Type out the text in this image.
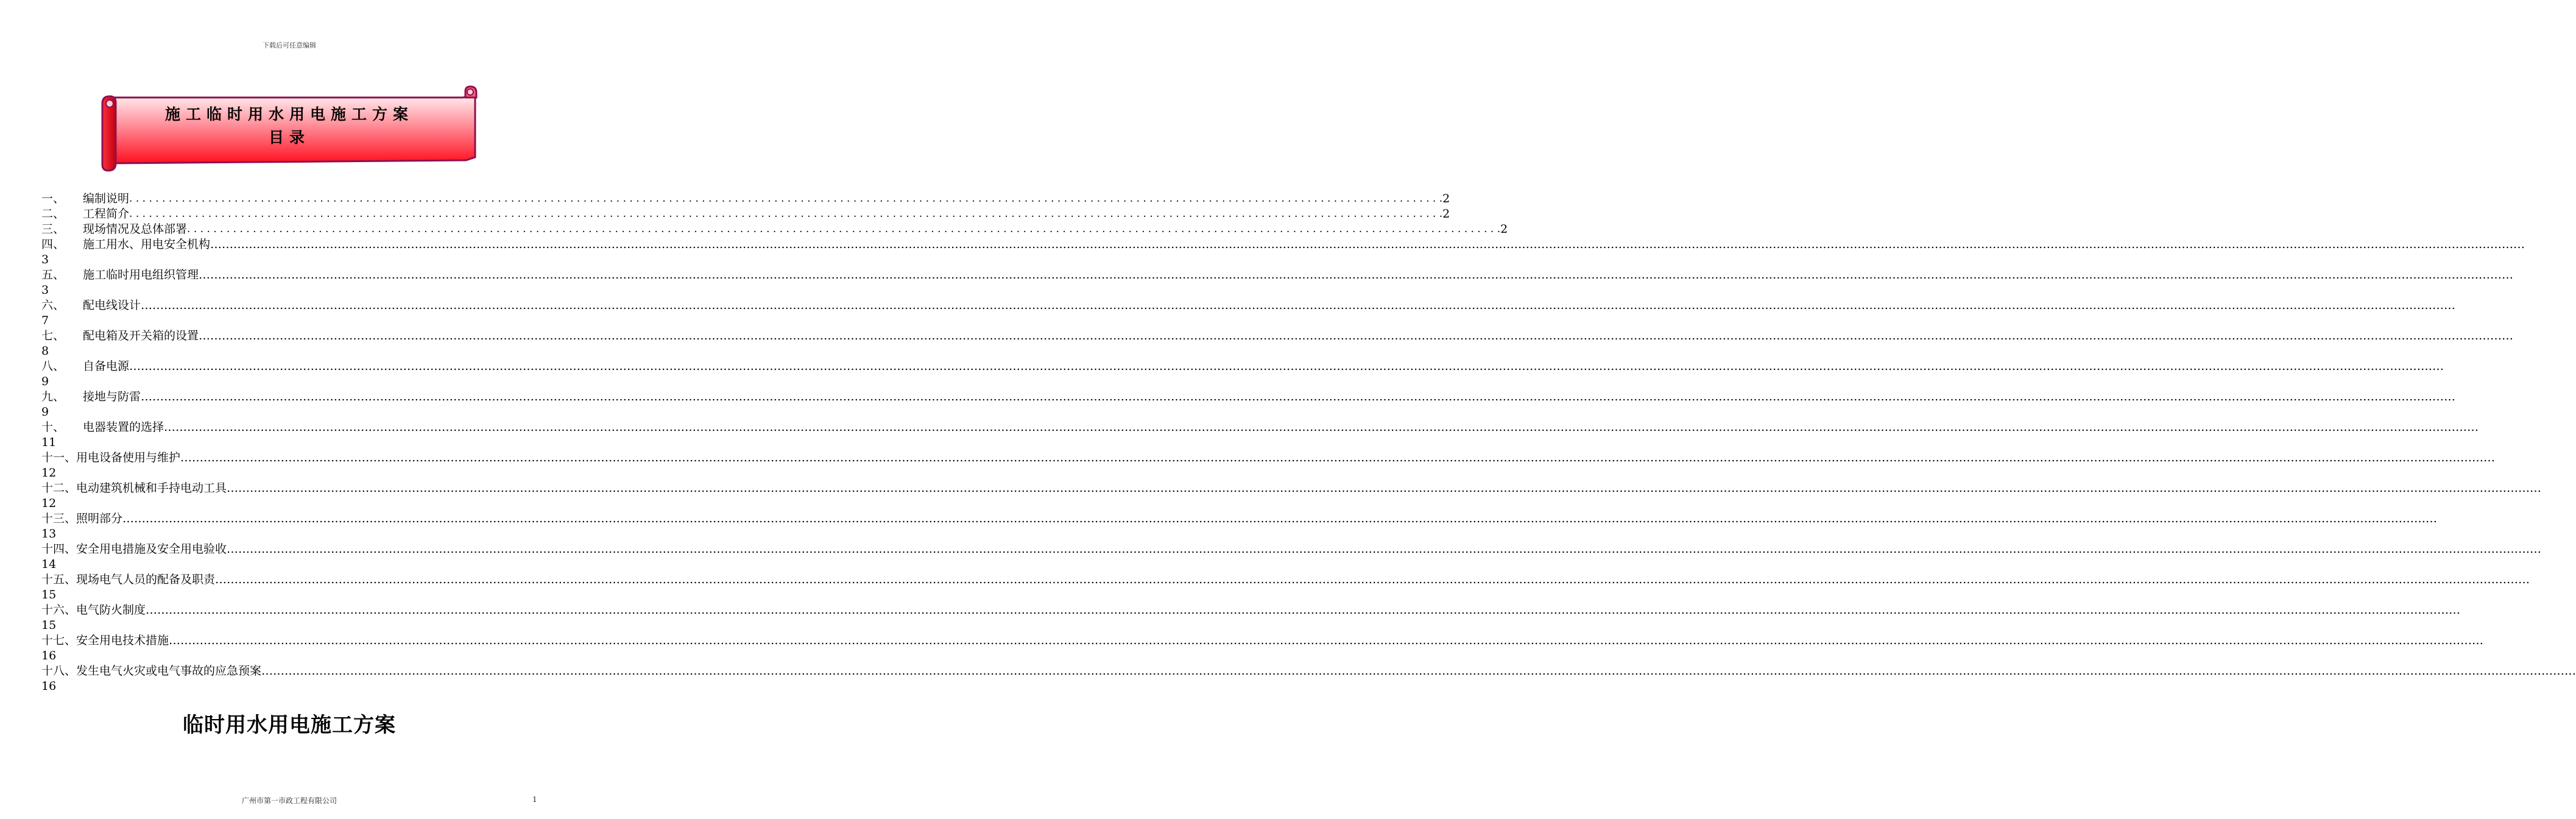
下载后可任意编辑
施工临时用水用电施工方案
目录
一、	编制说明 . . . . . . . . . . . . . . . . . . . . . . . . . . . . . . . . . . . . . . . . . . . . . . . . . . . . . . . . . . . . . . . . . . . . . . . . . . . . . . . . . . . . . . . . . . . . . . . . . . . . . . . . . . . . . . . . . . . . . . . . . . . . . . . . . . . . . . . . . . . . . . . . . . . . . . . . . . . . . . . . . . . . . . . . . . . . . . . . . . . . . . . . . . . . . . . . . . . . . . . . 2
二、	工程简介 . . . . . . . . . . . . . . . . . . . . . . . . . . . . . . . . . . . . . . . . . . . . . . . . . . . . . . . . . . . . . . . . . . . . . . . . . . . . . . . . . . . . . . . . . . . . . . . . . . . . . . . . . . . . . . . . . . . . . . . . . . . . . . . . . . . . . . . . . . . . . . . . . . . . . . . . . . . . . . . . . . . . . . . . . . . . . . . . . . . . . . . . . . . . . . . . . . . . . . . . 2
三、	现场情况及总体部署 . . . . . . . . . . . . . . . . . . . . . . . . . . . . . . . . . . . . . . . . . . . . . . . . . . . . . . . . . . . . . . . . . . . . . . . . . . . . . . . . . . . . . . . . . . . . . . . . . . . . . . . . . . . . . . . . . . . . . . . . . . . . . . . . . . . . . . . . . . . . . . . . . . . . . . . . . . . . . . . . . . . . . . . . . . . . . . . . . . . . . . . . . . . . . . . . . . . . . . . . 2
四、	施工用水、用电安全机构 ……………………………………………………………………………………………………………………………………………………………………………………………………………………………………………………………………………………………………………………………………………………………………………………………………………………………………………………………………………………………………………………………………………………
3
五、	施工临时用电组织管理 ……………………………………………………………………………………………………………………………………………………………………………………………………………………………………………………………………………………………………………………………………………………………………………………………………………………………………………………………………………………………………………………………………………………
3
六、	配电线设计 ……………………………………………………………………………………………………………………………………………………………………………………………………………………………………………………………………………………………………………………………………………………………………………………………………………………………………………………………………………………………………………………………………………………
7
七、	配电箱及开关箱的设置 ……………………………………………………………………………………………………………………………………………………………………………………………………………………………………………………………………………………………………………………………………………………………………………………………………………………………………………………………………………………………………………………………………………………
8
八、	自备电源 ……………………………………………………………………………………………………………………………………………………………………………………………………………………………………………………………………………………………………………………………………………………………………………………………………………………………………………………………………………………………………………………………………………………
9
九、	接地与防雷 ……………………………………………………………………………………………………………………………………………………………………………………………………………………………………………………………………………………………………………………………………………………………………………………………………………………………………………………………………………………………………………………………………………………
9
十、	电器装置的选择 ……………………………………………………………………………………………………………………………………………………………………………………………………………………………………………………………………………………………………………………………………………………………………………………………………………………………………………………………………………………………………………………………………………………
11
十一、 用电设备使用与维护 ……………………………………………………………………………………………………………………………………………………………………………………………………………………………………………………………………………………………………………………………………………………………………………………………………………………………………………………………………………………………………………………………………………………
12
十二、 电动建筑机械和手持电动工具 ……………………………………………………………………………………………………………………………………………………………………………………………………………………………………………………………………………………………………………………………………………………………………………………………………………………………………………………………………………………………………………………………………………………
12
十三、 照明部分 ……………………………………………………………………………………………………………………………………………………………………………………………………………………………………………………………………………………………………………………………………………………………………………………………………………………………………………………………………………………………………………………………………………………
13
十四、 安全用电措施及安全用电验收 ……………………………………………………………………………………………………………………………………………………………………………………………………………………………………………………………………………………………………………………………………………………………………………………………………………………………………………………………………………………………………………………………………………………
14
十五、 现场电气人员的配备及职责 ……………………………………………………………………………………………………………………………………………………………………………………………………………………………………………………………………………………………………………………………………………………………………………………………………………………………………………………………………………………………………………………………………………………
15
十六、 电气防火制度 ……………………………………………………………………………………………………………………………………………………………………………………………………………………………………………………………………………………………………………………………………………………………………………………………………………………………………………………………………………………………………………………………………………………
15
十七、 安全用电技术措施 ……………………………………………………………………………………………………………………………………………………………………………………………………………………………………………………………………………………………………………………………………………………………………………………………………………………………………………………………………………………………………………………………………………………
16
十八、 发生电气火灾或电气事故的应急预案 ……………………………………………………………………………………………………………………………………………………………………………………………………………………………………………………………………………………………………………………………………………………………………………………………………………………………………………………………………………………………………………………………………………………
16
临时用水用电施工方案
广州市第一市政工程有限公司	1
